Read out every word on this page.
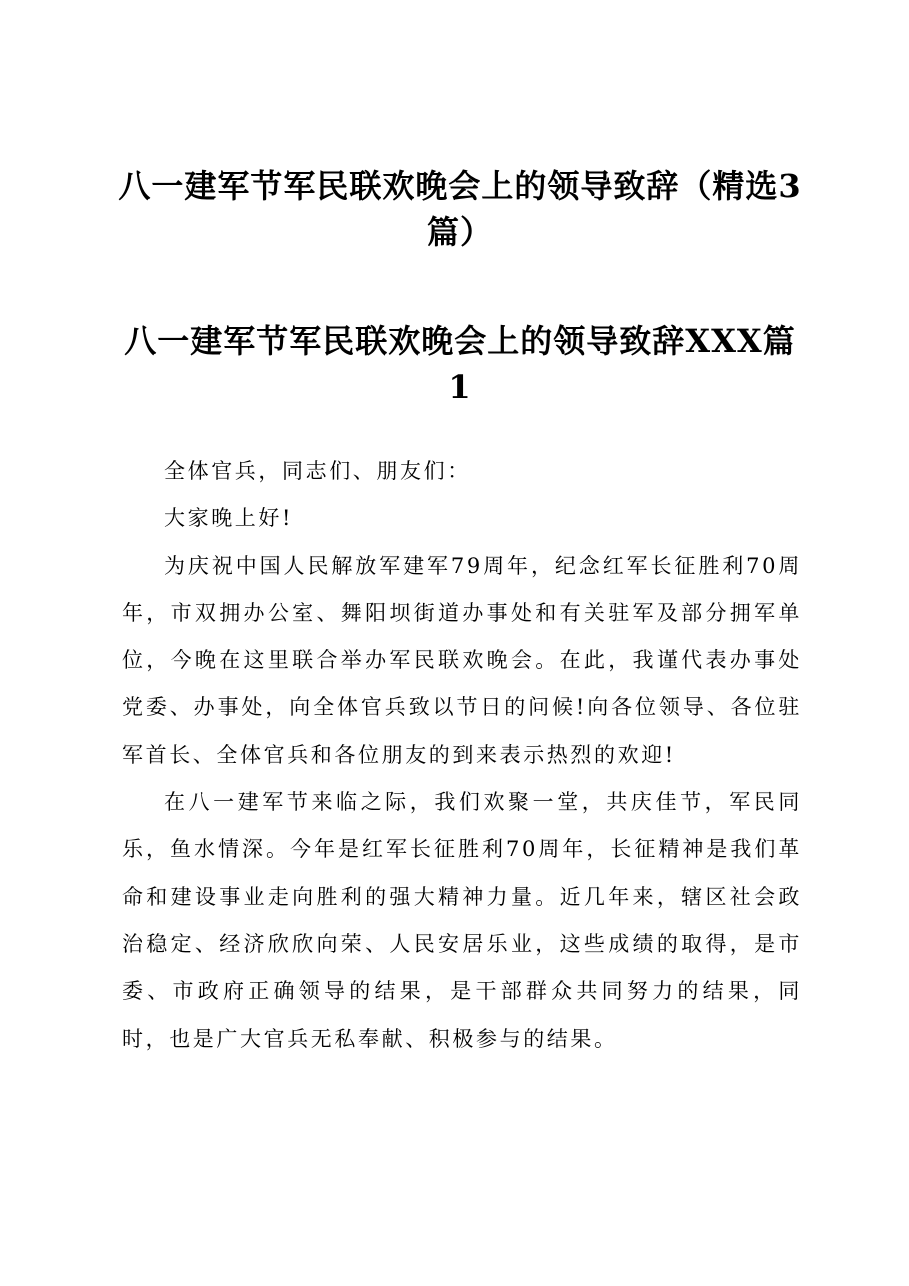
八一建军节军民联欢晚会上的领导致辞（精选3篇）
八一建军节军民联欢晚会上的领导致辞XXX篇1

全体官兵，同志们、朋友们：

大家晚上好!

为庆祝中国人民解放军建军79周年，纪念红军长征胜利70周年，市双拥办公室、舞阳坝街道办事处和有关驻军及部分拥军单位，今晚在这里联合举办军民联欢晚会。在此，我谨代表办事处党委、办事处，向全体官兵致以节日的问候!向各位领导、各位驻军首长、全体官兵和各位朋友的到来表示热烈的欢迎!

在八一建军节来临之际，我们欢聚一堂，共庆佳节，军民同乐，鱼水情深。今年是红军长征胜利70周年，长征精神是我们革命和建设事业走向胜利的强大精神力量。近几年来，辖区社会政治稳定、经济欣欣向荣、人民安居乐业，这些成绩的取得，是市委、市政府正确领导的结果，是干部群众共同努力的结果，同时，也是广大官兵无私奉献、积极参与的结果。
